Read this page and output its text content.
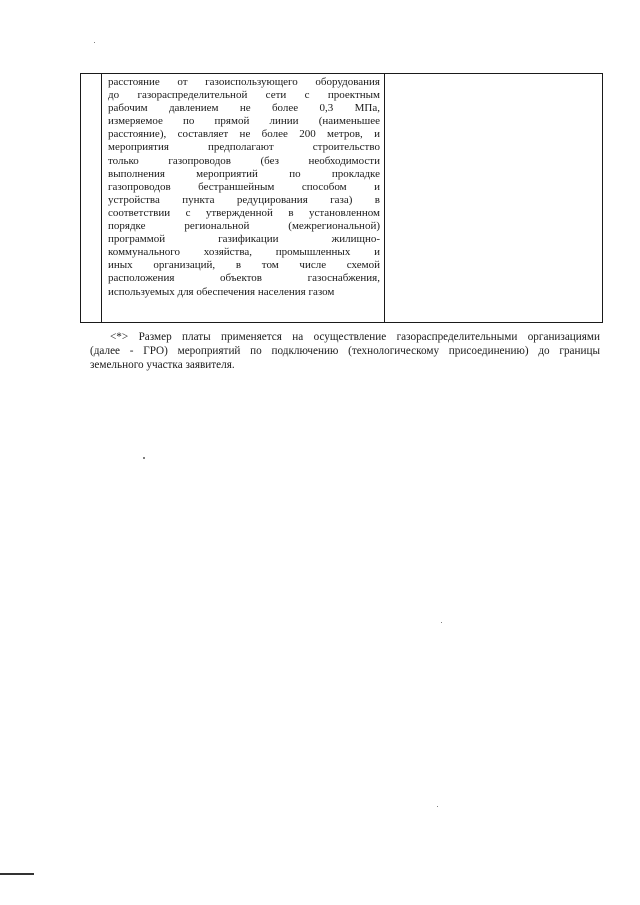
расстояние от газоиспользующего оборудования
до газораспределительной сети с проектным
рабочим давлением не более 0,3 МПа,
измеряемое по прямой линии (наименьшее
расстояние), составляет не более 200 метров, и
мероприятия предполагают строительство
только газопроводов (без необходимости
выполнения мероприятий по прокладке
газопроводов бестраншейным способом и
устройства пункта редуцирования газа) в
соответствии с утвержденной в установленном
порядке региональной (межрегиональной)
программой газификации жилищно-
коммунального хозяйства, промышленных и
иных организаций, в том числе схемой
расположения объектов газоснабжения,
используемых для обеспечения населения газом

<*> Размер платы применяется на осуществление газораспределительными организациями
(далее - ГРО) мероприятий по подключению (технологическому присоединению) до границы
земельного участка заявителя.
